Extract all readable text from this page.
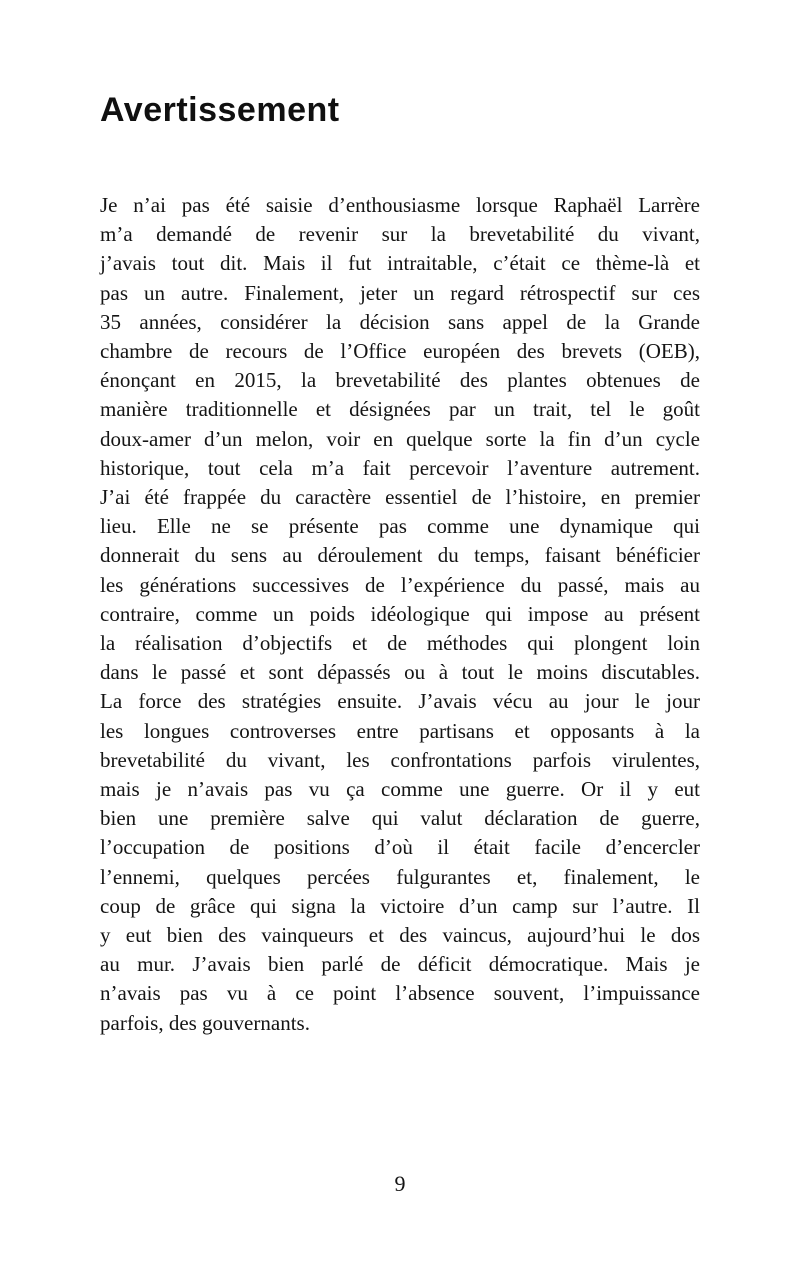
Avertissement

Je n’ai pas été saisie d’enthousiasme lorsque Raphaël Larrère

m’a demandé de revenir sur la brevetabilité du vivant,

j’avais tout dit. Mais il fut intraitable, c’était ce thème-là et

pas un autre. Finalement, jeter un regard rétrospectif sur ces

35 années, considérer la décision sans appel de la Grande

chambre de recours de l’Office européen des brevets (OEB),

énonçant en 2015, la brevetabilité des plantes obtenues de

manière traditionnelle et désignées par un trait, tel le goût

doux-amer d’un melon, voir en quelque sorte la fin d’un cycle

historique, tout cela m’a fait percevoir l’aventure autrement.

J’ai été frappée du caractère essentiel de l’histoire, en premier

lieu. Elle ne se présente pas comme une dynamique qui

donnerait du sens au déroulement du temps, faisant bénéficier

les générations successives de l’expérience du passé, mais au

contraire, comme un poids idéologique qui impose au présent

la réalisation d’objectifs et de méthodes qui plongent loin

dans le passé et sont dépassés ou à tout le moins discutables.

La force des stratégies ensuite. J’avais vécu au jour le jour

les longues controverses entre partisans et opposants à la

brevetabilité du vivant, les confrontations parfois virulentes,

mais je n’avais pas vu ça comme une guerre. Or il y eut

bien une première salve qui valut déclaration de guerre,

l’occupation de positions d’où il était facile d’encercler

l’ennemi, quelques percées fulgurantes et, finalement, le

coup de grâce qui signa la victoire d’un camp sur l’autre. Il

y eut bien des vainqueurs et des vaincus, aujourd’hui le dos

au mur. J’avais bien parlé de déficit démocratique. Mais je

n’avais pas vu à ce point l’absence souvent, l’impuissance

parfois, des gouvernants.

9
